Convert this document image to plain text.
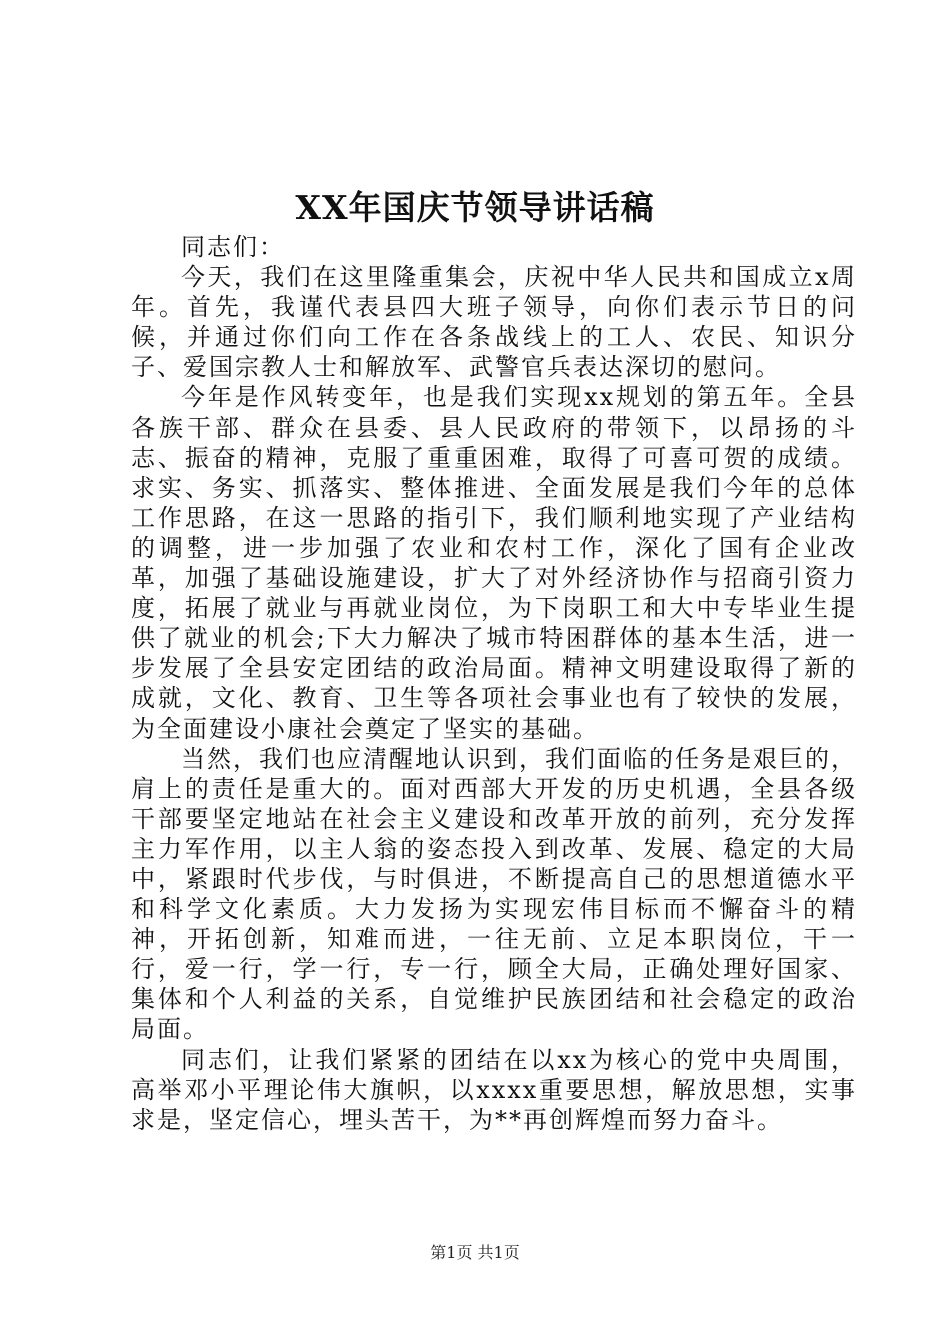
XX年国庆节领导讲话稿

同志们：

今天，我们在这里隆重集会，庆祝中华人民共和国成立x周年。首先，我谨代表县四大班子领导，向你们表示节日的问候，并通过你们向工作在各条战线上的工人、农民、知识分子、爱国宗教人士和解放军、武警官兵表达深切的慰问。

今年是作风转变年，也是我们实现xx规划的第五年。全县各族干部、群众在县委、县人民政府的带领下，以昂扬的斗志、振奋的精神，克服了重重困难，取得了可喜可贺的成绩。求实、务实、抓落实、整体推进、全面发展是我们今年的总体工作思路，在这一思路的指引下，我们顺利地实现了产业结构的调整，进一步加强了农业和农村工作，深化了国有企业改革，加强了基础设施建设，扩大了对外经济协作与招商引资力度，拓展了就业与再就业岗位，为下岗职工和大中专毕业生提供了就业的机会;下大力解决了城市特困群体的基本生活，进一步发展了全县安定团结的政治局面。精神文明建设取得了新的成就，文化、教育、卫生等各项社会事业也有了较快的发展，为全面建设小康社会奠定了坚实的基础。

当然，我们也应清醒地认识到，我们面临的任务是艰巨的，肩上的责任是重大的。面对西部大开发的历史机遇，全县各级干部要坚定地站在社会主义建设和改革开放的前列，充分发挥主力军作用，以主人翁的姿态投入到改革、发展、稳定的大局中，紧跟时代步伐，与时俱进，不断提高自己的思想道德水平和科学文化素质。大力发扬为实现宏伟目标而不懈奋斗的精神，开拓创新，知难而进，一往无前、立足本职岗位，干一行，爱一行，学一行，专一行，顾全大局，正确处理好国家、集体和个人利益的关系，自觉维护民族团结和社会稳定的政治局面。

同志们，让我们紧紧的团结在以xx为核心的党中央周围，高举邓小平理论伟大旗帜，以xxxx重要思想，解放思想，实事求是，坚定信心，埋头苦干，为**再创辉煌而努力奋斗。

第1页 共1页
